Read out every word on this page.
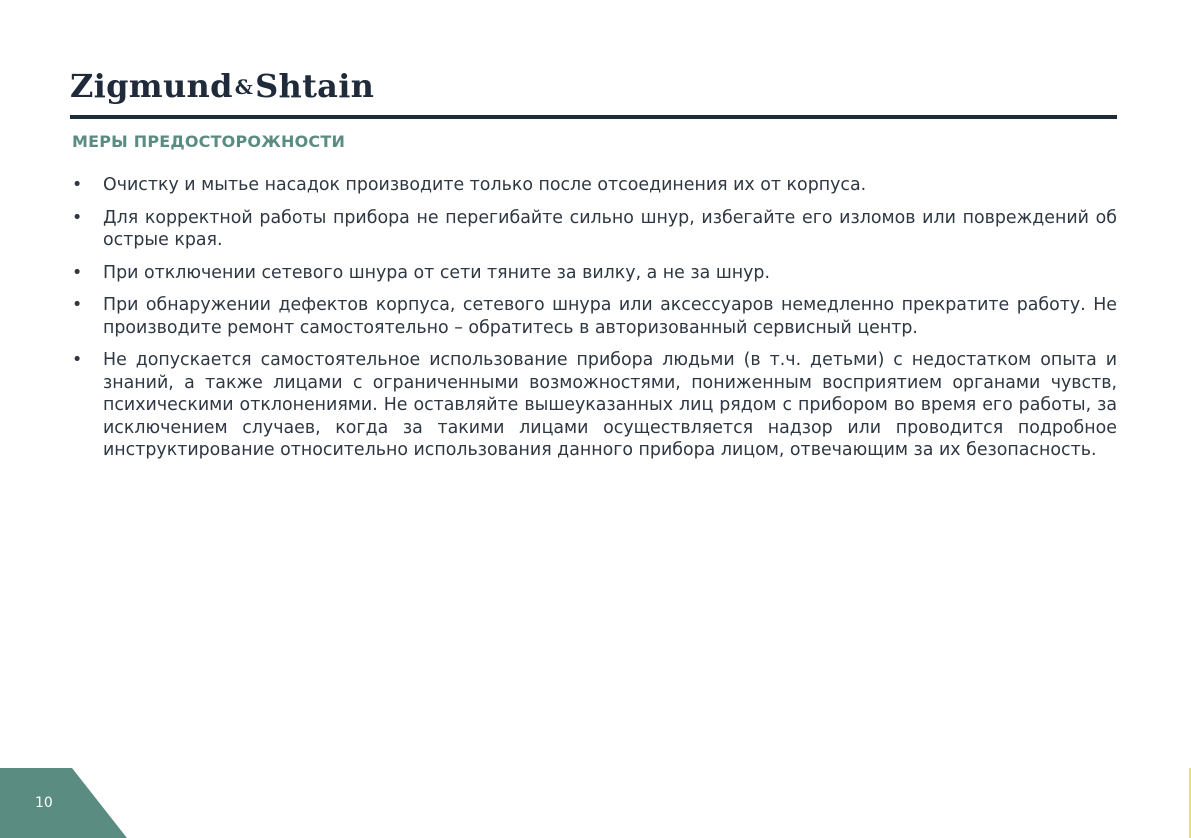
Zigmund &Shtain
МЕРЫ ПРЕДОСТОРОЖНОСТИ
• Очистку и мытье насадок производите только после отсоединения их от корпуса.
• Для корректной работы прибора не перегибайте сильно шнур, избегайте его изломов или повреждений об острые края.
• При отключении сетевого шнура от сети тяните за вилку, а не за шнур.
• При обнаружении дефектов корпуса, сетевого шнура или аксессуаров немедленно прекратите работу. Не производите ремонт самостоятельно – обратитесь в авторизованный сервисный центр.
• Не допускается самостоятельное использование прибора людьми (в т.ч. детьми) с недостатком опыта и знаний, а также лицами с ограниченными возможностями, пониженным восприятием органами чувств, психическими отклонениями. Не оставляйте вышеуказанных лиц рядом с прибором во время его работы, за исключением случаев, когда за такими лицами осуществляется надзор или проводится подробное инструктирование относительно использования данного прибора лицом, отвечающим за их безопасность.
10
